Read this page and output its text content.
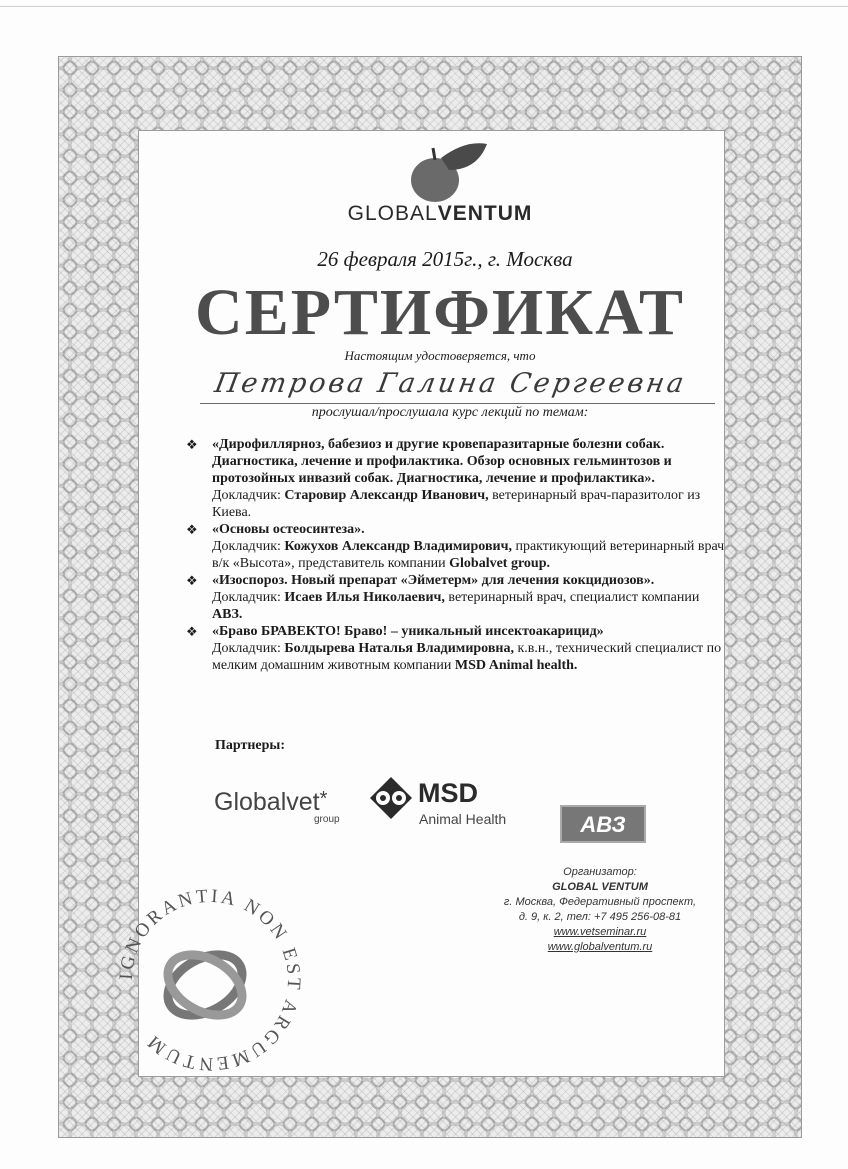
GLOBALVENTUM
26 февраля 2015г., г. Москва
СЕРТИФИКАТ
Настоящим удостоверяется, что
Петрова Галина Сергеевна
прослушал/прослушала курс лекций по темам:
❖ «Дирофиллярноз, бабезиоз и другие кровепаразитарные болезни собак. Диагностика, лечение и профилактика. Обзор основных гельминтозов и протозойных инвазий собак. Диагностика, лечение и профилактика».
Докладчик: Старовир Александр Иванович, ветеринарный врач-паразитолог из Киева.
❖ «Основы остеосинтеза».
Докладчик: Кожухов Александр Владимирович, практикующий ветеринарный врач в/к «Высота», представитель компании Globalvet group.
❖ «Изоспороз. Новый препарат «Эйметерм» для лечения кокцидиозов».
Докладчик: Исаев Илья Николаевич, ветеринарный врач, специалист компании АВЗ.
❖ «Браво БРАВЕКТО! Браво! – уникальный инсектоакарицид»
Докладчик: Болдырева Наталья Владимировна, к.в.н., технический специалист по мелким домашним животным компании MSD Animal health.
Партнеры:
Globalvet*
group
MSD
Animal Health	АВЗ
Организатор:
GLOBAL VENTUM
г. Москва, Федеративный проспект,
д. 9, к. 2, тел: +7 495 256-08-81
www.vetseminar.ru
www.globalventum.ru
IGNORANTIA NON EST ARGUMENTUM
